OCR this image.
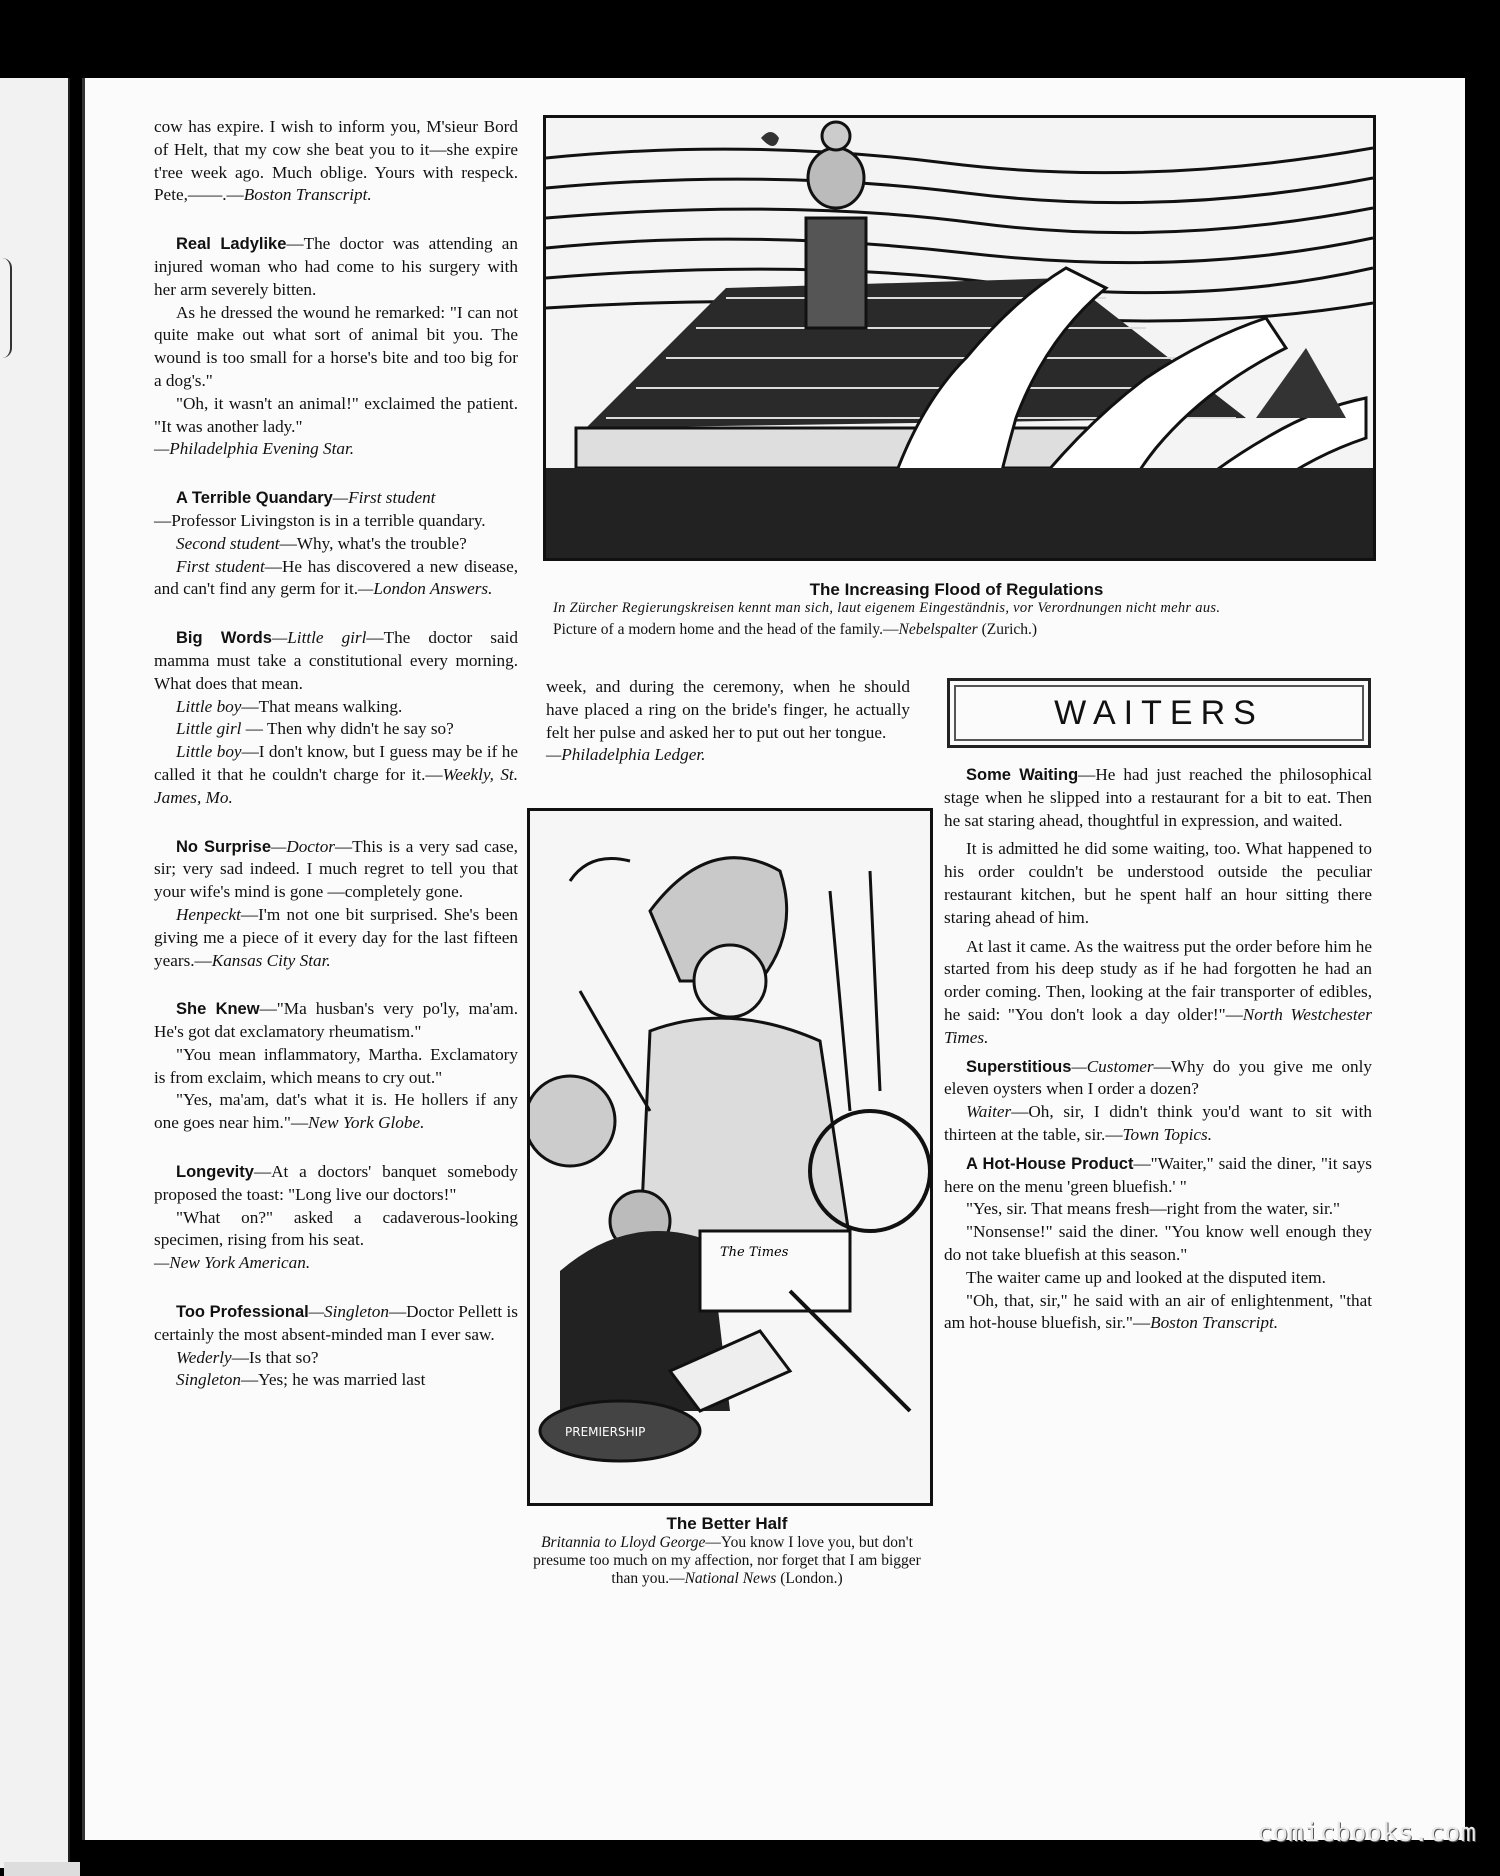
cow has expire. I wish to inform you, M'sieur Bord of Helt, that my cow she beat you to it—she expire t'ree week ago. Much oblige. Yours with respeck. Pete,——.—Boston Transcript.

Real Ladylike—The doctor was attending an injured woman who had come to his surgery with her arm severely bitten.

As he dressed the wound he remarked: "I can not quite make out what sort of animal bit you. The wound is too small for a horse's bite and too big for a dog's."

"Oh, it wasn't an animal!" exclaimed the patient. "It was another lady."

—Philadelphia Evening Star.

A Terrible Quandary—First student

—Professor Livingston is in a terrible quandary.

Second student—Why, what's the trouble?

First student—He has discovered a new disease, and can't find any germ for it.—London Answers.

Big Words—Little girl—The doctor said mamma must take a constitutional every morning. What does that mean.

Little boy—That means walking.

Little girl — Then why didn't he say so?

Little boy—I don't know, but I guess may be if he called it that he couldn't charge for it.—Weekly, St. James, Mo.

No Surprise—Doctor—This is a very sad case, sir; very sad indeed. I much regret to tell you that your wife's mind is gone —completely gone.

Henpeckt—I'm not one bit surprised. She's been giving me a piece of it every day for the last fifteen years.—Kansas City Star.

She Knew—"Ma husban's very po'ly, ma'am. He's got dat exclamatory rheumatism."

"You mean inflammatory, Martha. Exclamatory is from exclaim, which means to cry out."

"Yes, ma'am, dat's what it is. He hollers if any one goes near him."—New York Globe.

Longevity—At a doctors' banquet somebody proposed the toast: "Long live our doctors!"

"What on?" asked a cadaverous-looking specimen, rising from his seat.

—New York American.

Too Professional—Singleton—Doctor Pellett is certainly the most absent-minded man I ever saw.

Wederly—Is that so?

Singleton—Yes; he was married last

The Increasing Flood of Regulations
In Zürcher Regierungskreisen kennt man sich, laut eigenem Eingeständnis, vor Verordnungen nicht mehr aus.
Picture of a modern home and the head of the family.—Nebelspalter (Zurich.)

week, and during the ceremony, when he should have placed a ring on the bride's finger, he actually felt her pulse and asked her to put out her tongue.

—Philadelphia Ledger.

The Times
PREMIERSHIP
The Better Half
Britannia to Lloyd George—You know I love you, but don't presume too much on my affection, nor forget that I am bigger than you.—National News (London.)
WAITERS

Some Waiting—He had just reached the philosophical stage when he slipped into a restaurant for a bit to eat. Then he sat staring ahead, thoughtful in expression, and waited.

It is admitted he did some waiting, too. What happened to his order couldn't be understood outside the peculiar restaurant kitchen, but he spent half an hour sitting there staring ahead of him.

At last it came. As the waitress put the order before him he started from his deep study as if he had forgotten he had an order coming. Then, looking at the fair transporter of edibles, he said: "You don't look a day older!"—North Westchester Times.

Superstitious—Customer—Why do you give me only eleven oysters when I order a dozen?

Waiter—Oh, sir, I didn't think you'd want to sit with thirteen at the table, sir.—Town Topics.

A Hot-House Product—"Waiter," said the diner, "it says here on the menu 'green bluefish.' "

"Yes, sir. That means fresh—right from the water, sir."

"Nonsense!" said the diner. "You know well enough they do not take bluefish at this season."

The waiter came up and looked at the disputed item.

"Oh, that, sir," he said with an air of enlightenment, "that am hot-house bluefish, sir."—Boston Transcript.

comicbooks.com
